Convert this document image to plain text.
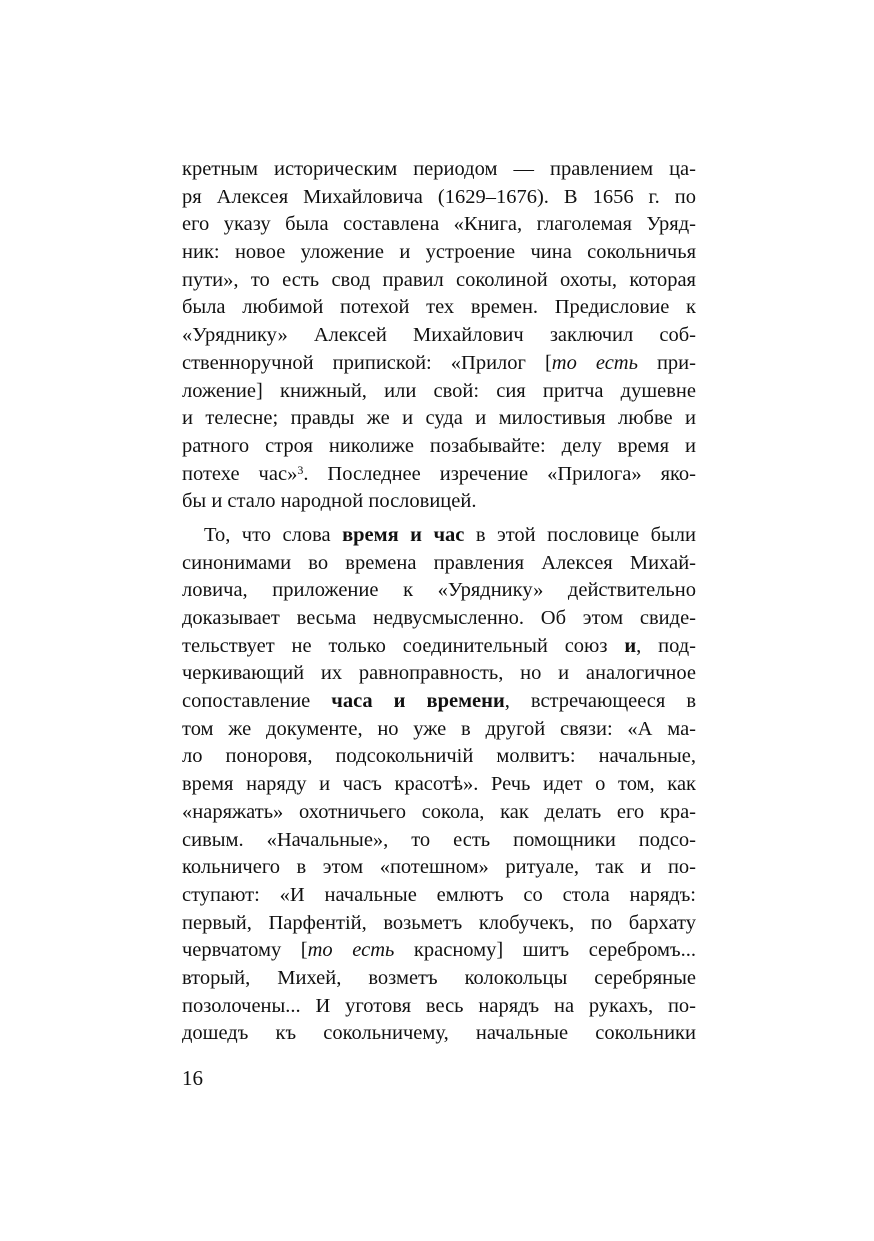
кретным историческим периодом — правлением ца-
ря Алексея Михайловича (1629–1676). В 1656 г. по
его указу была составлена «Книга, глаголемая Уряд-
ник: новое уложение и устроение чина сокольничья
пути», то есть свод правил соколиной охоты, которая
была любимой потехой тех времен. Предисловие к
«Уряднику» Алексей Михайлович заключил соб-
ственноручной припиской: «Прилог [то есть при-
ложение] книжный, или свой: сия притча душевне
и телесне; правды же и суда и милостивыя любве и
ратного строя николиже позабывайте: делу время и
потехе час»$^3$. Последнее изречение «Прилога» яко-
бы и стало народной пословицей.
То, что слова время и час в этой пословице были
синонимами во времена правления Алексея Михай-
ловича, приложение к «Уряднику» действительно
доказывает весьма недвусмысленно. Об этом свиде-
тельствует не только соединительный союз и, под-
черкивающий их равноправность, но и аналогичное
сопоставление часа и времени, встречающееся в
том же документе, но уже в другой связи: «А ма-
ло поноровя, подсокольничiй молвитъ: начальные,
время наряду и часъ красотѣ». Речь идет о том, как
«наряжать» охотничьего сокола, как делать его кра-
сивым. «Начальные», то есть помощники подсо-
кольничего в этом «потешном» ритуале, так и по-
ступают: «И начальные емлютъ со стола нарядъ:
первый, Парфентiй, возьметъ клобучекъ, по бархату
червчатому [то есть красному] шитъ серебромъ...
вторый, Михей, возметъ колокольцы серебряные
позолочены... И уготовя весь нарядъ на рукахъ, по-
дошедъ къ сокольничему, начальные сокольники
16
